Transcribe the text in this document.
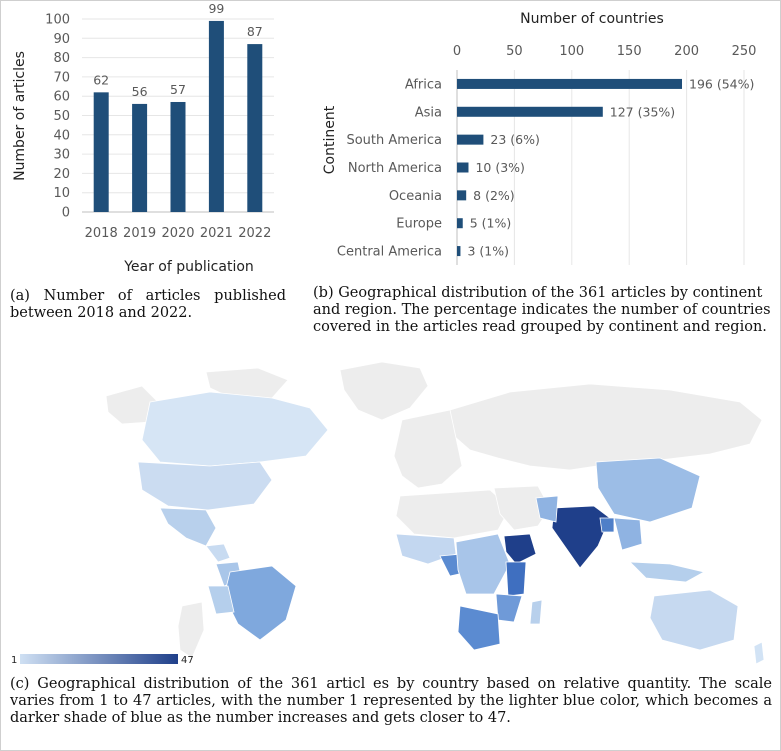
0
10
20
30
40
50
60
70
80
90
100
62
56 57
99
87
2018 2019 2020 2021 2022
Year of publication
Number of articles
Number of countries
0	50	100	150	200	250
Africa
Asia
South America
North America
Oceania
Europe
Central America
196 (54%)
127 (35%)
23 (6%)
10 (3%)
8 (2%)
5 (1%)
3 (1%)
Continent
(a) Number of articles published between 2018 and 2022.
(b) Geographical distribution of the 361 articles by continent and region. The percentage indicates the number of countries covered in the articles read grouped by continent and region.
1	47
(c) Geographical distribution of the 361 articl es by country based on relative quantity. The scale varies from 1 to 47 articles, with the number 1 represented by the lighter blue color, which becomes a darker shade of blue as the number increases and gets closer to 47.
